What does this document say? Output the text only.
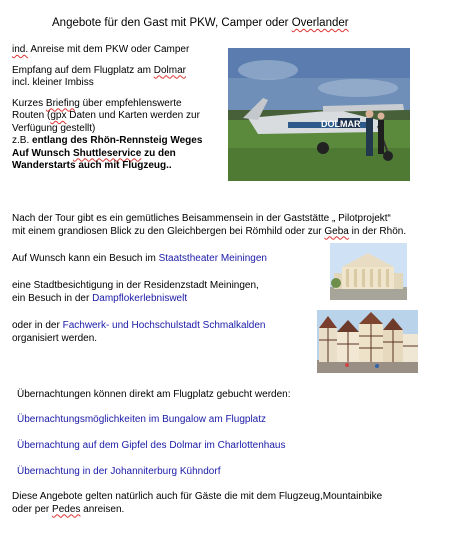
Angebote für den Gast mit PKW, Camper oder Overlander
ind. Anreise mit dem PKW oder Camper
Empfang auf dem Flugplatz am Dolmar
incl. kleiner Imbiss
Kurzes Briefing über empfehlenswerte
Routen (gpx Daten und Karten werden zur
Verfügung gestellt)
z.B. entlang des Rhön-Rennsteig Weges
Auf Wunsch Shuttleservice zu den
Wanderstarts auch mit Flugzeug..
DOLMAR
Nach der Tour gibt es ein gemütliches Beisammensein in der Gaststätte „ Pilotprojekt“
mit einem grandiosen Blick zu den Gleichbergen bei Römhild oder zur Geba in der Rhön.
Auf Wunsch kann ein Besuch im Staatstheater Meiningen
eine Stadtbesichtigung in der Residenzstadt Meiningen,
ein Besuch in der Dampflokerlebniswelt
oder in der Fachwerk- und Hochschulstadt Schmalkalden
organisiert werden.
Übernachtungen können direkt am Flugplatz gebucht werden:
Übernachtungsmöglichkeiten im Bungalow am Flugplatz
Übernachtung auf dem Gipfel des Dolmar im Charlottenhaus
Übernachtung in der Johanniterburg Kühndorf
Diese Angebote gelten natürlich auch für Gäste die mit dem Flugzeug,Mountainbike
oder per Pedes anreisen.
